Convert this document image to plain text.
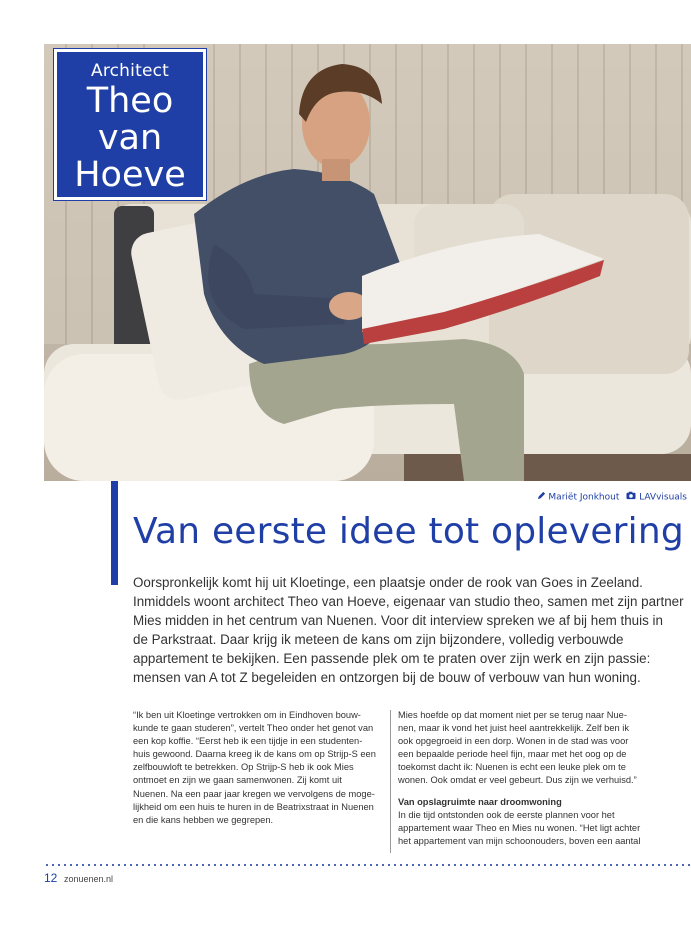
Architect
Theo
van
Hoeve
Mariët Jonkhout LAVvisuals
Van eerste idee tot oplevering

Oorspronkelijk komt hij uit Kloetinge, een plaatsje onder de rook van Goes in Zeeland.

Inmiddels woont architect Theo van Hoeve, eigenaar van studio theo, samen met zijn partner

Mies midden in het centrum van Nuenen. Voor dit interview spreken we af bij hem thuis in

de Parkstraat. Daar krijg ik meteen de kans om zijn bijzondere, volledig verbouwde

appartement te bekijken. Een passende plek om te praten over zijn werk en zijn passie:

mensen van A tot Z begeleiden en ontzorgen bij de bouw of verbouw van hun woning.

“Ik ben uit Kloetinge vertrokken om in Eindhoven bouw-

kunde te gaan studeren”, vertelt Theo onder het genot van

een kop koffie. “Eerst heb ik een tijdje in een studenten-

huis gewoond. Daarna kreeg ik de kans om op Strijp-S een

zelfbouwloft te betrekken. Op Strijp-S heb ik ook Mies

ontmoet en zijn we gaan samenwonen. Zij komt uit

Nuenen. Na een paar jaar kregen we vervolgens de moge-

lijkheid om een huis te huren in de Beatrixstraat in Nuenen

en die kans hebben we gegrepen.

Mies hoefde op dat moment niet per se terug naar Nue-

nen, maar ik vond het juist heel aantrekkelijk. Zelf ben ik

ook opgegroeid in een dorp. Wonen in de stad was voor

een bepaalde periode heel fijn, maar met het oog op de

toekomst dacht ik: Nuenen is echt een leuke plek om te

wonen. Ook omdat er veel gebeurt. Dus zijn we verhuisd.”

Van opslagruimte naar droomwoning

In die tijd ontstonden ook de eerste plannen voor het

appartement waar Theo en Mies nu wonen. “Het ligt achter

het appartement van mijn schoonouders, boven een aantal

12 zonuenen.nl
